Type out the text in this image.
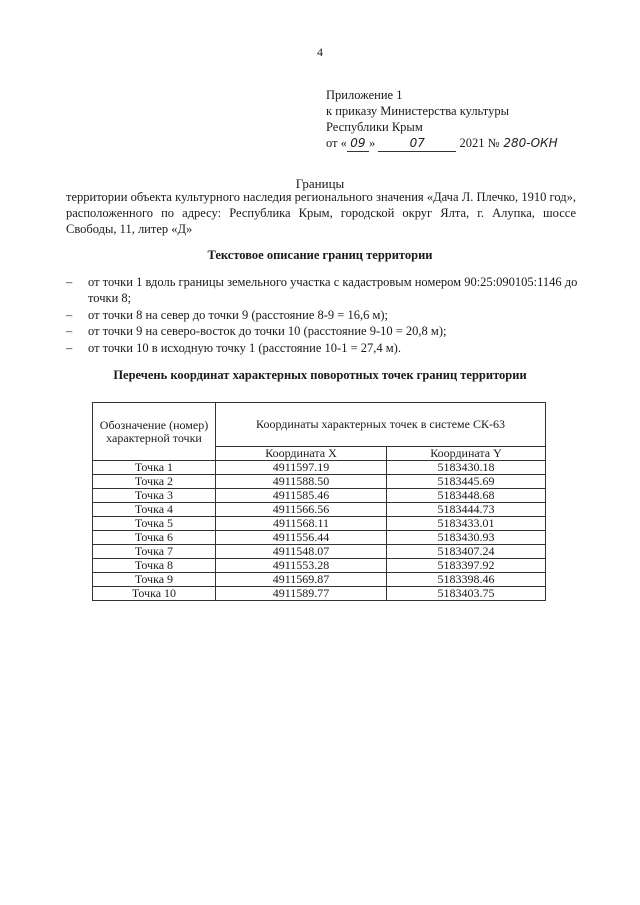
4
Приложение 1
к приказу Министерства культуры
Республики Крым
от « 09 »	07	2021 № 280-ОКН
Границы
территории объекта культурного наследия регионального значения «Дача Л. Плечко, 1910 год», расположенного по адресу: Республика Крым, городской округ Ялта, г. Алупка, шоссе Свободы, 11, литер «Д»
Текстовое описание границ территории
–	от точки 1 вдоль границы земельного участка с кадастровым номером 90:25:090105:1146 до точки 8;
–	от точки 8 на север до точки 9 (расстояние 8-9 = 16,6 м);
–	от точки 9 на северо-восток до точки 10 (расстояние 9-10 = 20,8 м);
–	от точки 10 в исходную точку 1 (расстояние 10-1 = 27,4 м).
Перечень координат характерных поворотных точек границ территории
Обозначение (номер) характерной точки	Координаты характерных точек в системе СК-63	
	Координата X	Координата Y
Точка 1	4911597.19	5183430.18
Точка 2	4911588.50	5183445.69
Точка 3	4911585.46	5183448.68
Точка 4	4911566.56	5183444.73
Точка 5	4911568.11	5183433.01
Точка 6	4911556.44	5183430.93
Точка 7	4911548.07	5183407.24
Точка 8	4911553.28	5183397.92
Точка 9	4911569.87	5183398.46
Точка 10	4911589.77	5183403.75
